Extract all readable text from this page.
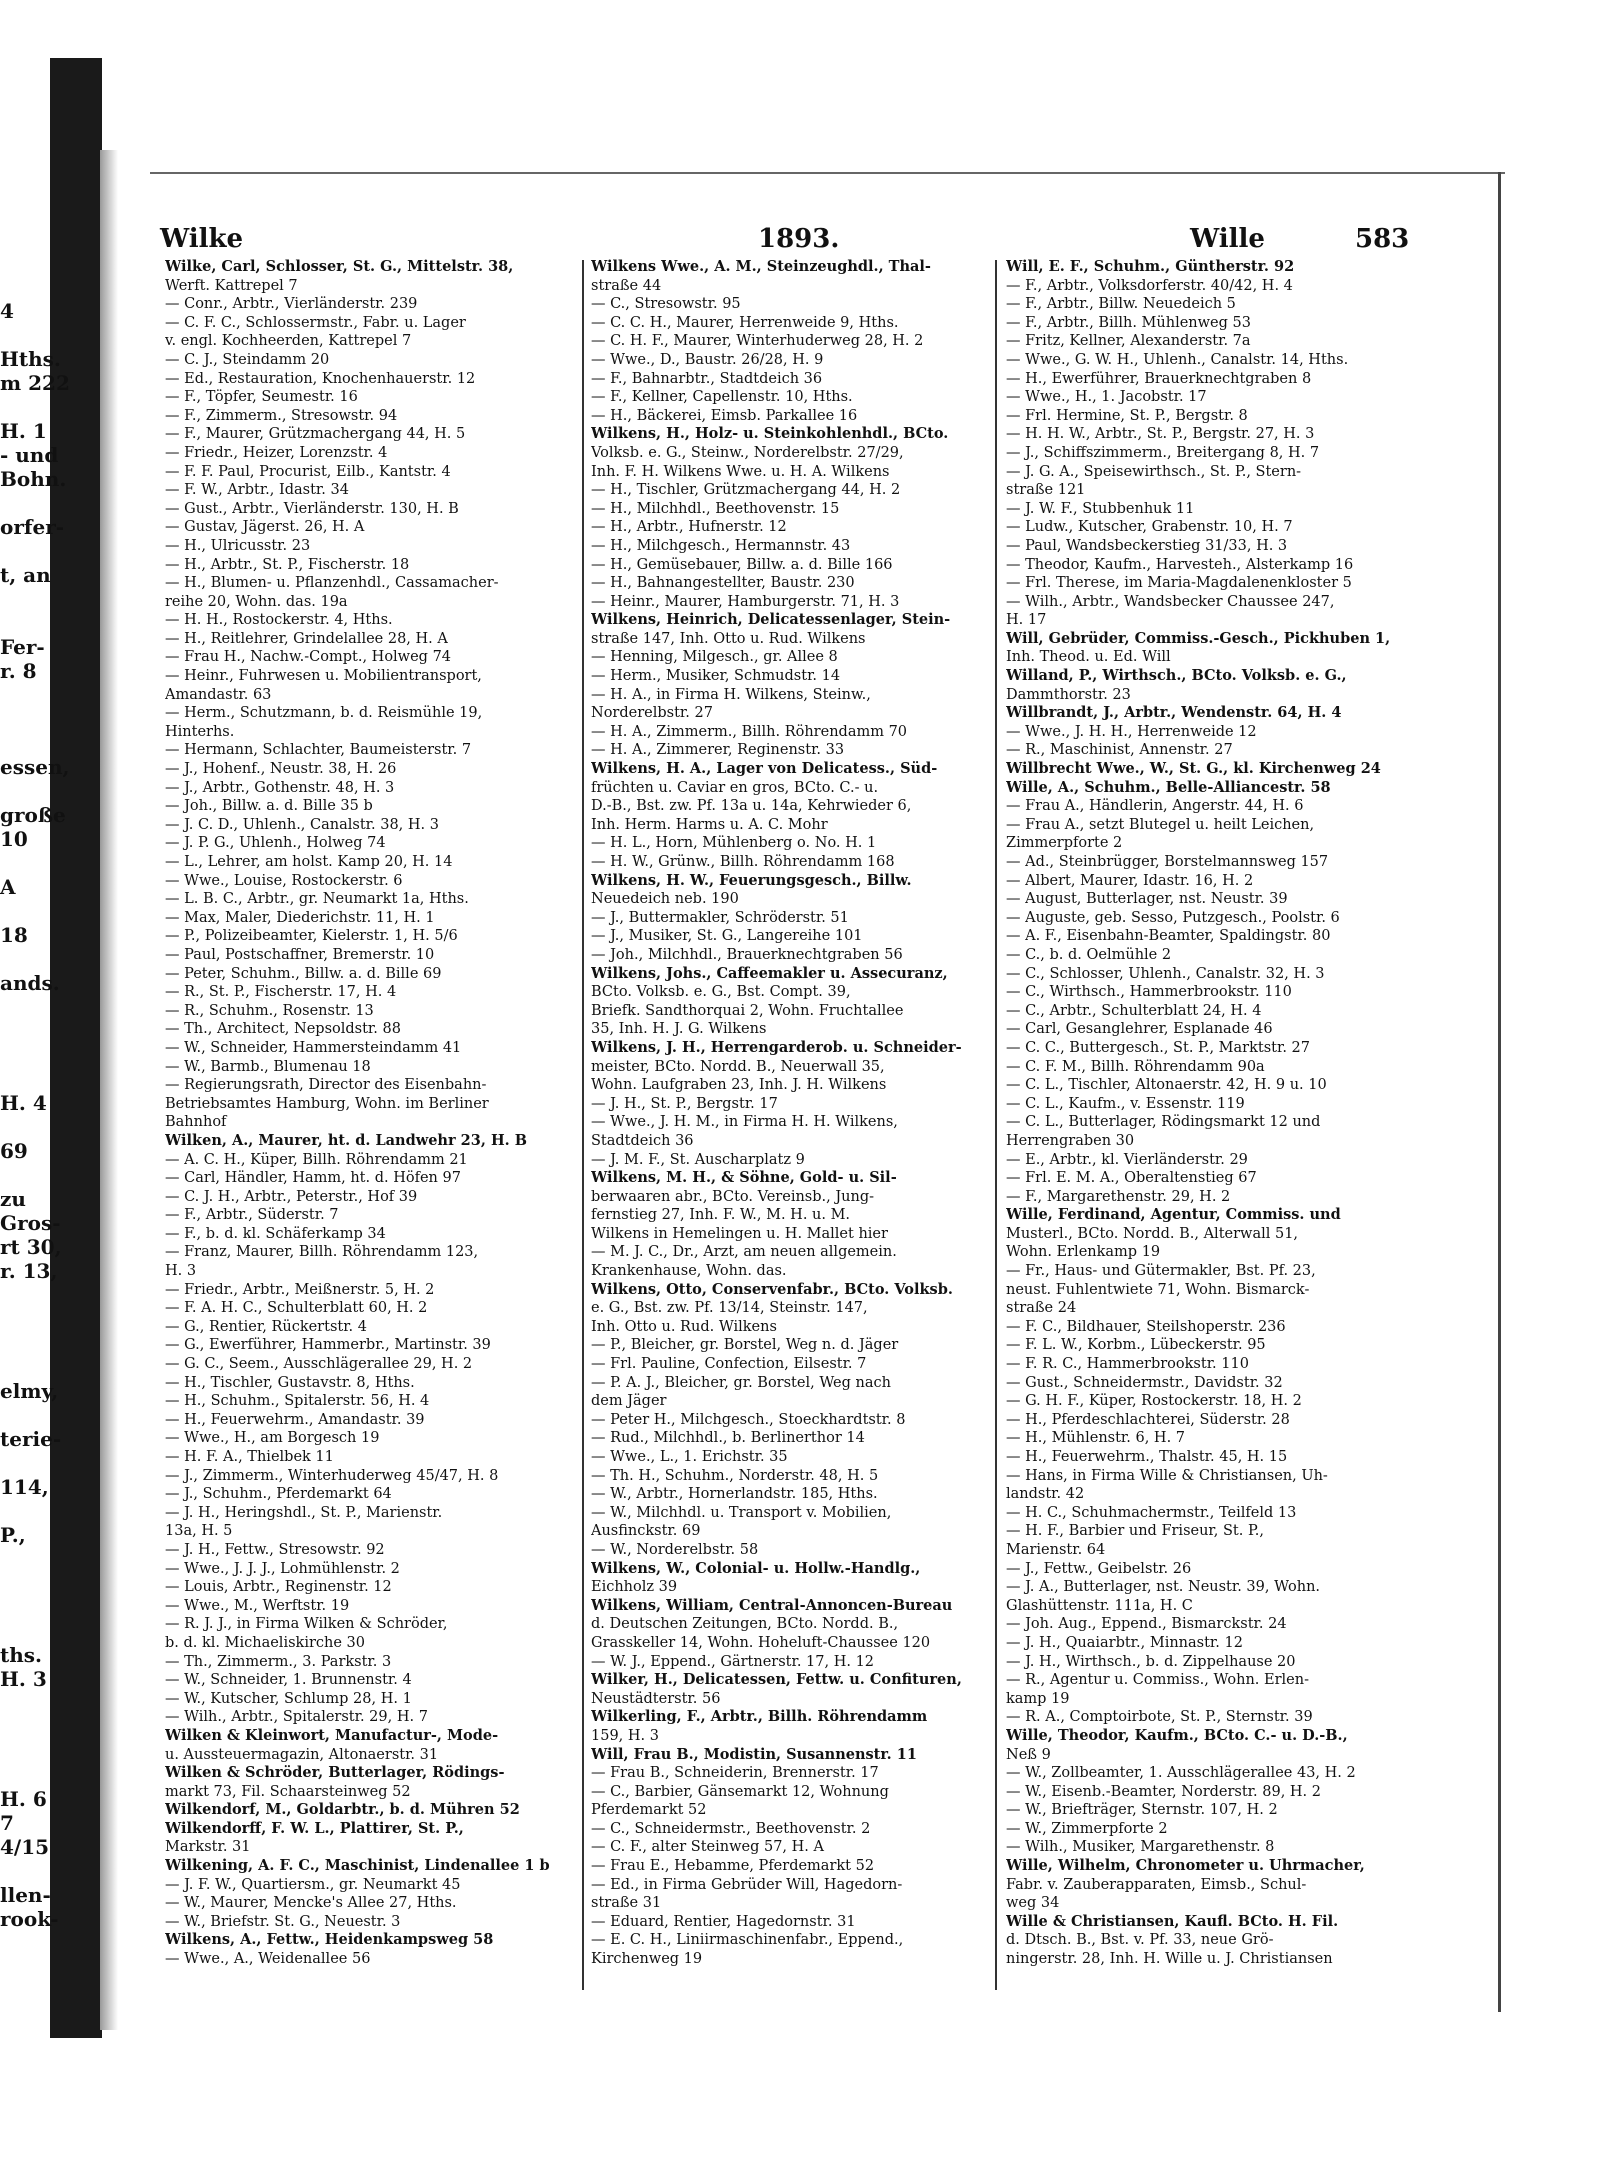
4
Hths.
m 222
H. 1
- und
Bohn.
orfer-
t, an
Fer-
r. 8
essen,
große
10
A
18
ands.
H. 4
69
zu
Gros-
rt 30,
r. 13,
elmy,
terie-
114,
P.,
ths.
H. 3
H. 6
7
4/15
llen-
rook-
Wilke	1893.	Wille	583
Wilke, Carl, Schlosser, St. G., Mittelstr. 38,
Werft. Kattrepel 7
— Conr., Arbtr., Vierländerstr. 239
— C. F. C., Schlossermstr., Fabr. u. Lager
v. engl. Kochheerden, Kattrepel 7
— C. J., Steindamm 20
— Ed., Restauration, Knochenhauerstr. 12
— F., Töpfer, Seumestr. 16
— F., Zimmerm., Stresowstr. 94
— F., Maurer, Grützmachergang 44, H. 5
— Friedr., Heizer, Lorenzstr. 4
— F. F. Paul, Procurist, Eilb., Kantstr. 4
— F. W., Arbtr., Idastr. 34
— Gust., Arbtr., Vierländerstr. 130, H. B
— Gustav, Jägerst. 26, H. A
— H., Ulricusstr. 23
— H., Arbtr., St. P., Fischerstr. 18
— H., Blumen- u. Pflanzenhdl., Cassamacher-
reihe 20, Wohn. das. 19a
— H. H., Rostockerstr. 4, Hths.
— H., Reitlehrer, Grindelallee 28, H. A
— Frau H., Nachw.-Compt., Holweg 74
— Heinr., Fuhrwesen u. Mobilientransport,
Amandastr. 63
— Herm., Schutzmann, b. d. Reismühle 19,
Hinterhs.
— Hermann, Schlachter, Baumeisterstr. 7
— J., Hohenf., Neustr. 38, H. 26
— J., Arbtr., Gothenstr. 48, H. 3
— Joh., Billw. a. d. Bille 35 b
— J. C. D., Uhlenh., Canalstr. 38, H. 3
— J. P. G., Uhlenh., Holweg 74
— L., Lehrer, am holst. Kamp 20, H. 14
— Wwe., Louise, Rostockerstr. 6
— L. B. C., Arbtr., gr. Neumarkt 1a, Hths.
— Max, Maler, Diederichstr. 11, H. 1
— P., Polizeibeamter, Kielerstr. 1, H. 5/6
— Paul, Postschaffner, Bremerstr. 10
— Peter, Schuhm., Billw. a. d. Bille 69
— R., St. P., Fischerstr. 17, H. 4
— R., Schuhm., Rosenstr. 13
— Th., Architect, Nepsoldstr. 88
— W., Schneider, Hammersteindamm 41
— W., Barmb., Blumenau 18
— Regierungsrath, Director des Eisenbahn-
Betriebsamtes Hamburg, Wohn. im Berliner
Bahnhof
Wilken, A., Maurer, ht. d. Landwehr 23, H. B
— A. C. H., Küper, Billh. Röhrendamm 21
— Carl, Händler, Hamm, ht. d. Höfen 97
— C. J. H., Arbtr., Peterstr., Hof 39
— F., Arbtr., Süderstr. 7
— F., b. d. kl. Schäferkamp 34
— Franz, Maurer, Billh. Röhrendamm 123,
H. 3
— Friedr., Arbtr., Meißnerstr. 5, H. 2
— F. A. H. C., Schulterblatt 60, H. 2
— G., Rentier, Rückertstr. 4
— G., Ewerführer, Hammerbr., Martinstr. 39
— G. C., Seem., Ausschlägerallee 29, H. 2
— H., Tischler, Gustavstr. 8, Hths.
— H., Schuhm., Spitalerstr. 56, H. 4
— H., Feuerwehrm., Amandastr. 39
— Wwe., H., am Borgesch 19
— H. F. A., Thielbek 11
— J., Zimmerm., Winterhuderweg 45/47, H. 8
— J., Schuhm., Pferdemarkt 64
— J. H., Heringshdl., St. P., Marienstr.
13a, H. 5
— J. H., Fettw., Stresowstr. 92
— Wwe., J. J. J., Lohmühlenstr. 2
— Louis, Arbtr., Reginenstr. 12
— Wwe., M., Werftstr. 19
— R. J. J., in Firma Wilken & Schröder,
b. d. kl. Michaeliskirche 30
— Th., Zimmerm., 3. Parkstr. 3
— W., Schneider, 1. Brunnenstr. 4
— W., Kutscher, Schlump 28, H. 1
— Wilh., Arbtr., Spitalerstr. 29, H. 7
Wilken & Kleinwort, Manufactur-, Mode-
u. Aussteuermagazin, Altonaerstr. 31
Wilken & Schröder, Butterlager, Rödings-
markt 73, Fil. Schaarsteinweg 52
Wilkendorf, M., Goldarbtr., b. d. Mühren 52
Wilkendorff, F. W. L., Plattirer, St. P.,
Markstr. 31
Wilkening, A. F. C., Maschinist, Lindenallee 1 b
— J. F. W., Quartiersm., gr. Neumarkt 45
— W., Maurer, Mencke's Allee 27, Hths.
— W., Briefstr. St. G., Neuestr. 3
Wilkens, A., Fettw., Heidenkampsweg 58
— Wwe., A., Weidenallee 56
Wilkens Wwe., A. M., Steinzeughdl., Thal-
straße 44
— C., Stresowstr. 95
— C. C. H., Maurer, Herrenweide 9, Hths.
— C. H. F., Maurer, Winterhuderweg 28, H. 2
— Wwe., D., Baustr. 26/28, H. 9
— F., Bahnarbtr., Stadtdeich 36
— F., Kellner, Capellenstr. 10, Hths.
— H., Bäckerei, Eimsb. Parkallee 16
Wilkens, H., Holz- u. Steinkohlenhdl., BCto.
Volksb. e. G., Steinw., Norderelbstr. 27/29,
Inh. F. H. Wilkens Wwe. u. H. A. Wilkens
— H., Tischler, Grützmachergang 44, H. 2
— H., Milchhdl., Beethovenstr. 15
— H., Arbtr., Hufnerstr. 12
— H., Milchgesch., Hermannstr. 43
— H., Gemüsebauer, Billw. a. d. Bille 166
— H., Bahnangestellter, Baustr. 230
— Heinr., Maurer, Hamburgerstr. 71, H. 3
Wilkens, Heinrich, Delicatessenlager, Stein-
straße 147, Inh. Otto u. Rud. Wilkens
— Henning, Milgesch., gr. Allee 8
— Herm., Musiker, Schmudstr. 14
— H. A., in Firma H. Wilkens, Steinw.,
Norderelbstr. 27
— H. A., Zimmerm., Billh. Röhrendamm 70
— H. A., Zimmerer, Reginenstr. 33
Wilkens, H. A., Lager von Delicatess., Süd-
früchten u. Caviar en gros, BCto. C.- u.
D.-B., Bst. zw. Pf. 13a u. 14a, Kehrwieder 6,
Inh. Herm. Harms u. A. C. Mohr
— H. L., Horn, Mühlenberg o. No. H. 1
— H. W., Grünw., Billh. Röhrendamm 168
Wilkens, H. W., Feuerungsgesch., Billw.
Neuedeich neb. 190
— J., Buttermakler, Schröderstr. 51
— J., Musiker, St. G., Langereihe 101
— Joh., Milchhdl., Brauerknechtgraben 56
Wilkens, Johs., Caffeemakler u. Assecuranz,
BCto. Volksb. e. G., Bst. Compt. 39,
Briefk. Sandthorquai 2, Wohn. Fruchtallee
35, Inh. H. J. G. Wilkens
Wilkens, J. H., Herrengarderob. u. Schneider-
meister, BCto. Nordd. B., Neuerwall 35,
Wohn. Laufgraben 23, Inh. J. H. Wilkens
— J. H., St. P., Bergstr. 17
— Wwe., J. H. M., in Firma H. H. Wilkens,
Stadtdeich 36
— J. M. F., St. Auscharplatz 9
Wilkens, M. H., & Söhne, Gold- u. Sil-
berwaaren abr., BCto. Vereinsb., Jung-
fernstieg 27, Inh. F. W., M. H. u. M.
Wilkens in Hemelingen u. H. Mallet hier
— M. J. C., Dr., Arzt, am neuen allgemein.
Krankenhause, Wohn. das.
Wilkens, Otto, Conservenfabr., BCto. Volksb.
e. G., Bst. zw. Pf. 13/14, Steinstr. 147,
Inh. Otto u. Rud. Wilkens
— P., Bleicher, gr. Borstel, Weg n. d. Jäger
— Frl. Pauline, Confection, Eilsestr. 7
— P. A. J., Bleicher, gr. Borstel, Weg nach
dem Jäger
— Peter H., Milchgesch., Stoeckhardtstr. 8
— Rud., Milchhdl., b. Berlinerthor 14
— Wwe., L., 1. Erichstr. 35
— Th. H., Schuhm., Norderstr. 48, H. 5
— W., Arbtr., Hornerlandstr. 185, Hths.
— W., Milchhdl. u. Transport v. Mobilien,
Ausfinckstr. 69
— W., Norderelbstr. 58
Wilkens, W., Colonial- u. Hollw.-Handlg.,
Eichholz 39
Wilkens, William, Central-Annoncen-Bureau
d. Deutschen Zeitungen, BCto. Nordd. B.,
Grasskeller 14, Wohn. Hoheluft-Chaussee 120
— W. J., Eppend., Gärtnerstr. 17, H. 12
Wilker, H., Delicatessen, Fettw. u. Confituren,
Neustädterstr. 56
Wilkerling, F., Arbtr., Billh. Röhrendamm
159, H. 3
Will, Frau B., Modistin, Susannenstr. 11
— Frau B., Schneiderin, Brennerstr. 17
— C., Barbier, Gänsemarkt 12, Wohnung
Pferdemarkt 52
— C., Schneidermstr., Beethovenstr. 2
— C. F., alter Steinweg 57, H. A
— Frau E., Hebamme, Pferdemarkt 52
— Ed., in Firma Gebrüder Will, Hagedorn-
straße 31
— Eduard, Rentier, Hagedornstr. 31
— E. C. H., Liniirmaschinenfabr., Eppend.,
Kirchenweg 19
Will, E. F., Schuhm., Güntherstr. 92
— F., Arbtr., Volksdorferstr. 40/42, H. 4
— F., Arbtr., Billw. Neuedeich 5
— F., Arbtr., Billh. Mühlenweg 53
— Fritz, Kellner, Alexanderstr. 7a
— Wwe., G. W. H., Uhlenh., Canalstr. 14, Hths.
— H., Ewerführer, Brauerknechtgraben 8
— Wwe., H., 1. Jacobstr. 17
— Frl. Hermine, St. P., Bergstr. 8
— H. H. W., Arbtr., St. P., Bergstr. 27, H. 3
— J., Schiffszimmerm., Breitergang 8, H. 7
— J. G. A., Speisewirthsch., St. P., Stern-
straße 121
— J. W. F., Stubbenhuk 11
— Ludw., Kutscher, Grabenstr. 10, H. 7
— Paul, Wandsbeckerstieg 31/33, H. 3
— Theodor, Kaufm., Harvesteh., Alsterkamp 16
— Frl. Therese, im Maria-Magdalenenkloster 5
— Wilh., Arbtr., Wandsbecker Chaussee 247,
H. 17
Will, Gebrüder, Commiss.-Gesch., Pickhuben 1,
Inh. Theod. u. Ed. Will
Willand, P., Wirthsch., BCto. Volksb. e. G.,
Dammthorstr. 23
Willbrandt, J., Arbtr., Wendenstr. 64, H. 4
— Wwe., J. H. H., Herrenweide 12
— R., Maschinist, Annenstr. 27
Willbrecht Wwe., W., St. G., kl. Kirchenweg 24
Wille, A., Schuhm., Belle-Alliancestr. 58
— Frau A., Händlerin, Angerstr. 44, H. 6
— Frau A., setzt Blutegel u. heilt Leichen,
Zimmerpforte 2
— Ad., Steinbrügger, Borstelmannsweg 157
— Albert, Maurer, Idastr. 16, H. 2
— August, Butterlager, nst. Neustr. 39
— Auguste, geb. Sesso, Putzgesch., Poolstr. 6
— A. F., Eisenbahn-Beamter, Spaldingstr. 80
— C., b. d. Oelmühle 2
— C., Schlosser, Uhlenh., Canalstr. 32, H. 3
— C., Wirthsch., Hammerbrookstr. 110
— C., Arbtr., Schulterblatt 24, H. 4
— Carl, Gesanglehrer, Esplanade 46
— C. C., Buttergesch., St. P., Marktstr. 27
— C. F. M., Billh. Röhrendamm 90a
— C. L., Tischler, Altonaerstr. 42, H. 9 u. 10
— C. L., Kaufm., v. Essenstr. 119
— C. L., Butterlager, Rödingsmarkt 12 und
Herrengraben 30
— E., Arbtr., kl. Vierländerstr. 29
— Frl. E. M. A., Oberaltenstieg 67
— F., Margarethenstr. 29, H. 2
Wille, Ferdinand, Agentur, Commiss. und
Musterl., BCto. Nordd. B., Alterwall 51,
Wohn. Erlenkamp 19
— Fr., Haus- und Gütermakler, Bst. Pf. 23,
neust. Fuhlentwiete 71, Wohn. Bismarck-
straße 24
— F. C., Bildhauer, Steilshoperstr. 236
— F. L. W., Korbm., Lübeckerstr. 95
— F. R. C., Hammerbrookstr. 110
— Gust., Schneidermstr., Davidstr. 32
— G. H. F., Küper, Rostockerstr. 18, H. 2
— H., Pferdeschlachterei, Süderstr. 28
— H., Mühlenstr. 6, H. 7
— H., Feuerwehrm., Thalstr. 45, H. 15
— Hans, in Firma Wille & Christiansen, Uh-
landstr. 42
— H. C., Schuhmachermstr., Teilfeld 13
— H. F., Barbier und Friseur, St. P.,
Marienstr. 64
— J., Fettw., Geibelstr. 26
— J. A., Butterlager, nst. Neustr. 39, Wohn.
Glashüttenstr. 111a, H. C
— Joh. Aug., Eppend., Bismarckstr. 24
— J. H., Quaiarbtr., Minnastr. 12
— J. H., Wirthsch., b. d. Zippelhause 20
— R., Agentur u. Commiss., Wohn. Erlen-
kamp 19
— R. A., Comptoirbote, St. P., Sternstr. 39
Wille, Theodor, Kaufm., BCto. C.- u. D.-B.,
Neß 9
— W., Zollbeamter, 1. Ausschlägerallee 43, H. 2
— W., Eisenb.-Beamter, Norderstr. 89, H. 2
— W., Briefträger, Sternstr. 107, H. 2
— W., Zimmerpforte 2
— Wilh., Musiker, Margarethenstr. 8
Wille, Wilhelm, Chronometer u. Uhrmacher,
Fabr. v. Zauberapparaten, Eimsb., Schul-
weg 34
Wille & Christiansen, Kaufl. BCto. H. Fil.
d. Dtsch. B., Bst. v. Pf. 33, neue Grö-
ningerstr. 28, Inh. H. Wille u. J. Christiansen
